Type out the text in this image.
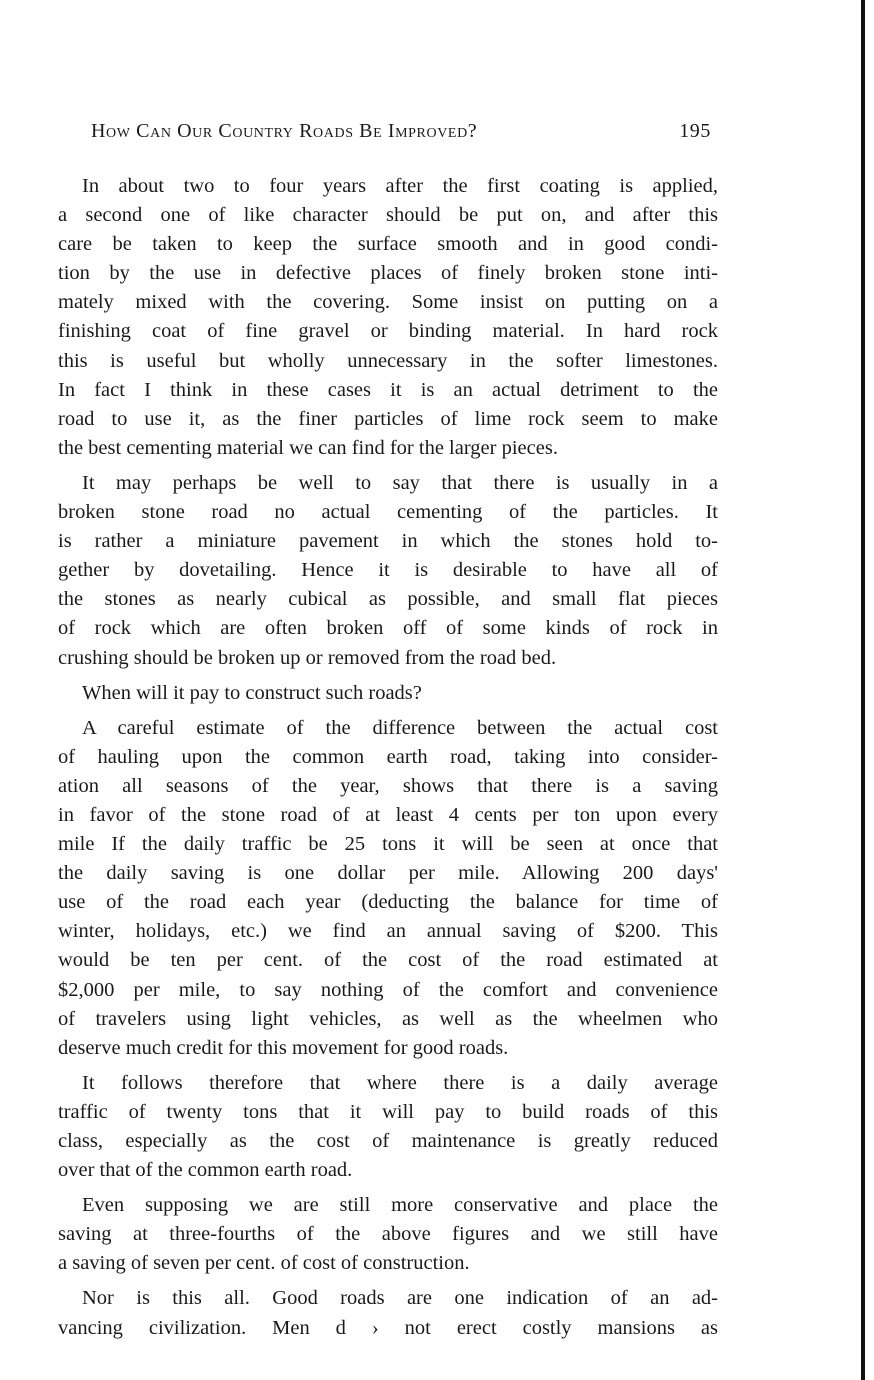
How Can Our Country Roads Be Improved?	195

In about two to four years after the first coating is applied,
a second one of like character should be put on, and after this
care be taken to keep the surface smooth and in good condi-
tion by the use in defective places of finely broken stone inti-
mately mixed with the covering. Some insist on putting on a
finishing coat of fine gravel or binding material. In hard rock
this is useful but wholly unnecessary in the softer limestones.
In fact I think in these cases it is an actual detriment to the
road to use it, as the finer particles of lime rock seem to make
the best cementing material we can find for the larger pieces.

It may perhaps be well to say that there is usually in a
broken stone road no actual cementing of the particles. It
is rather a miniature pavement in which the stones hold to-
gether by dovetailing. Hence it is desirable to have all of
the stones as nearly cubical as possible, and small flat pieces
of rock which are often broken off of some kinds of rock in
crushing should be broken up or removed from the road bed.

When will it pay to construct such roads?

A careful estimate of the difference between the actual cost
of hauling upon the common earth road, taking into consider-
ation all seasons of the year, shows that there is a saving
in favor of the stone road of at least 4 cents per ton upon every
mile If the daily traffic be 25 tons it will be seen at once that
the daily saving is one dollar per mile. Allowing 200 days'
use of the road each year (deducting the balance for time of
winter, holidays, etc.) we find an annual saving of $200. This
would be ten per cent. of the cost of the road estimated at
$2,000 per mile, to say nothing of the comfort and convenience
of travelers using light vehicles, as well as the wheelmen who
deserve much credit for this movement for good roads.

It follows therefore that where there is a daily average
traffic of twenty tons that it will pay to build roads of this
class, especially as the cost of maintenance is greatly reduced
over that of the common earth road.

Even supposing we are still more conservative and place the
saving at three-fourths of the above figures and we still have
a saving of seven per cent. of cost of construction.

Nor is this all. Good roads are one indication of an ad-
vancing civilization. Men d › not erect costly mansions as
